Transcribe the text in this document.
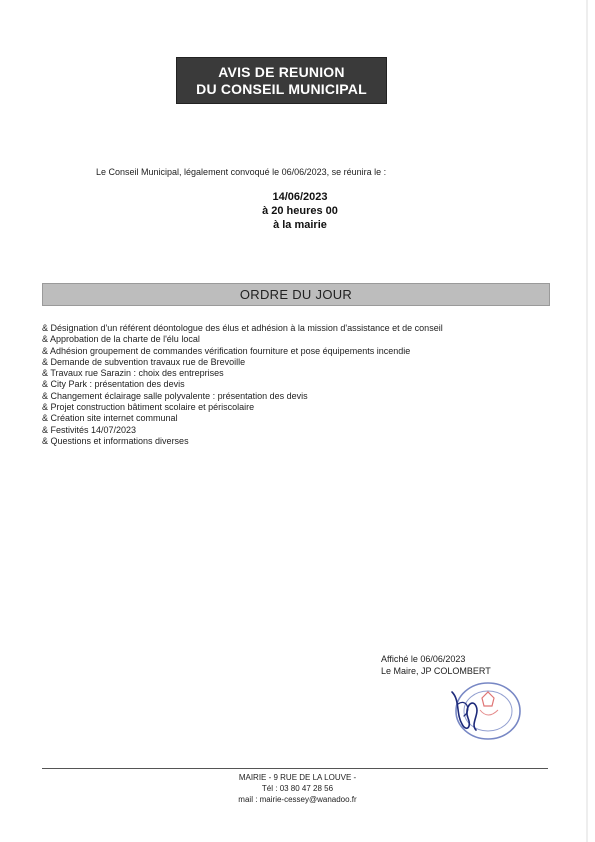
AVIS DE REUNION
DU CONSEIL MUNICIPAL
Le Conseil Municipal, légalement convoqué le 06/06/2023, se réunira le :
14/06/2023
à 20 heures 00
à la mairie
ORDRE DU JOUR
& Désignation d'un référent déontologue des élus et adhésion à la mission d'assistance et de conseil
& Approbation de la charte de l'élu local
& Adhésion groupement de commandes vérification fourniture et pose équipements incendie
& Demande de subvention travaux rue de Brevoille
& Travaux rue Sarazin : choix des entreprises
& City Park : présentation des devis
& Changement éclairage salle polyvalente : présentation des devis
& Projet construction bâtiment scolaire et périscolaire
& Création site internet communal
& Festivités 14/07/2023
& Questions et informations diverses
Affiché le 06/06/2023
Le Maire, JP COLOMBERT
MAIRIE - 9 RUE DE LA LOUVE -
Tél : 03 80 47 28 56
mail : mairie-cessey@wanadoo.fr
